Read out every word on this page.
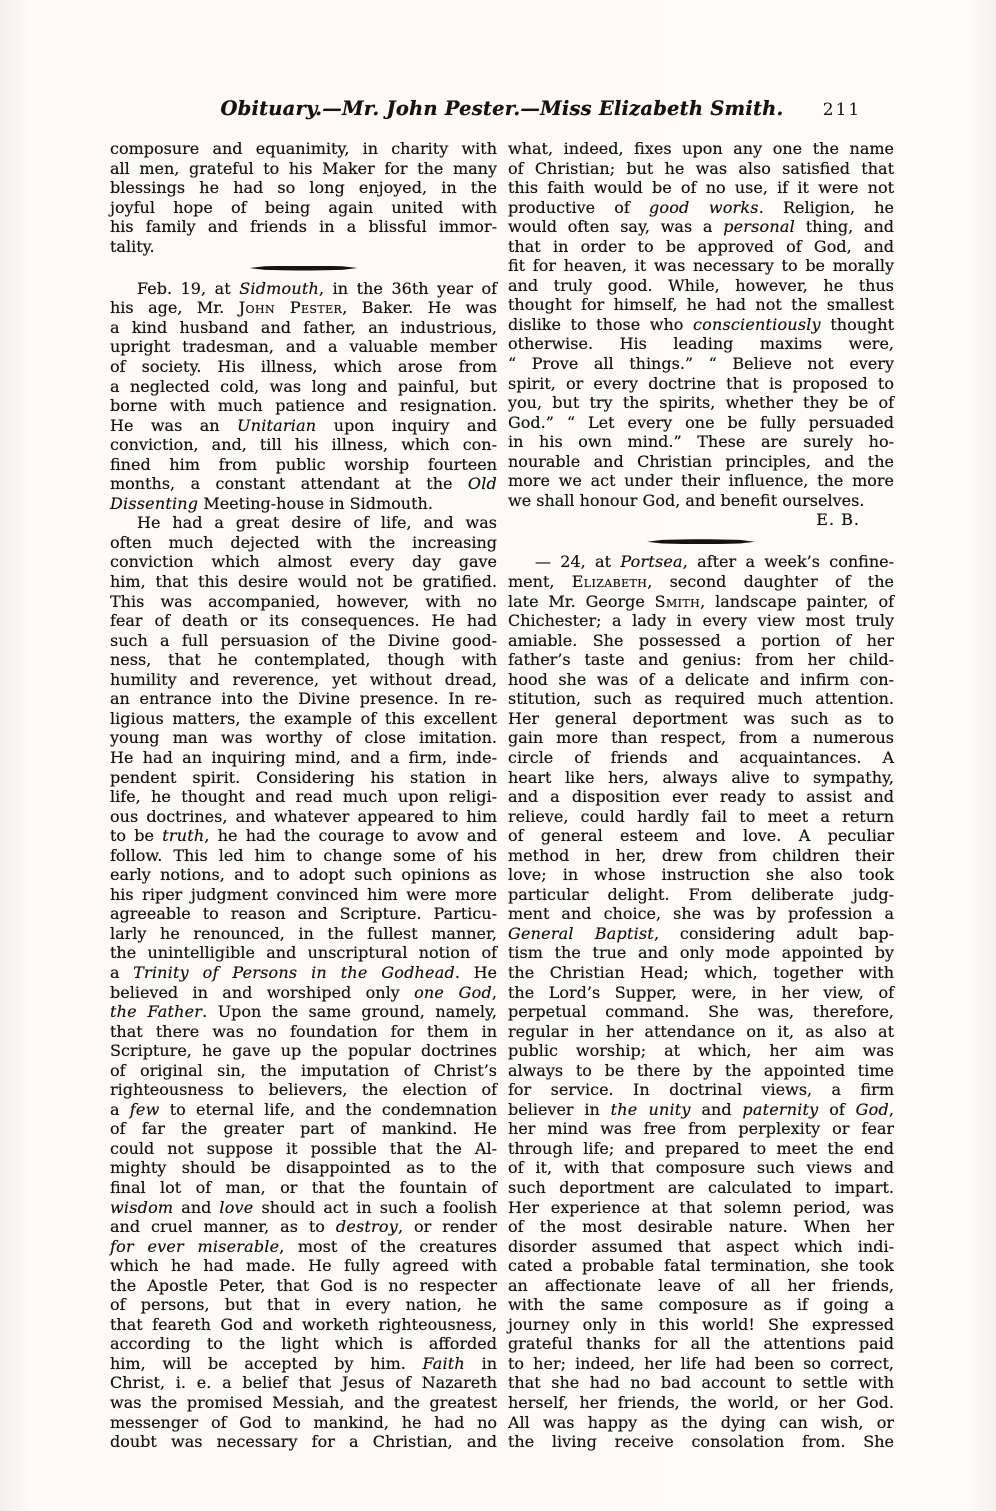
Obituary.—Mr. John Pester.—Miss Elizabeth Smith.	211
composure and equanimity, in charity with
all men, grateful to his Maker for the many
blessings he had so long enjoyed, in the
joyful hope of being again united with
his family and friends in a blissful immor-
tality.
Feb. 19, at Sidmouth, in the 36th year of
his age, Mr. John Pester, Baker. He was
a kind husband and father, an industrious,
upright tradesman, and a valuable member
of society. His illness, which arose from
a neglected cold, was long and painful, but
borne with much patience and resignation.
He was an Unitarian upon inquiry and
conviction, and, till his illness, which con-
fined him from public worship fourteen
months, a constant attendant at the Old
Dissenting Meeting-house in Sidmouth.
He had a great desire of life, and was
often much dejected with the increasing
conviction which almost every day gave
him, that this desire would not be gratified.
This was accompanied, however, with no
fear of death or its consequences. He had
such a full persuasion of the Divine good-
ness, that he contemplated, though with
humility and reverence, yet without dread,
an entrance into the Divine presence. In re-
ligious matters, the example of this excellent
young man was worthy of close imitation.
He had an inquiring mind, and a firm, inde-
pendent spirit. Considering his station in
life, he thought and read much upon religi-
ous doctrines, and whatever appeared to him
to be truth, he had the courage to avow and
follow. This led him to change some of his
early notions, and to adopt such opinions as
his riper judgment convinced him were more
agreeable to reason and Scripture. Particu-
larly he renounced, in the fullest manner,
the unintelligible and unscriptural notion of
a Trinity of Persons in the Godhead. He
believed in and worshiped only one God,
the Father. Upon the same ground, namely,
that there was no foundation for them in
Scripture, he gave up the popular doctrines
of original sin, the imputation of Christ’s
righteousness to believers, the election of
a few to eternal life, and the condemnation
of far the greater part of mankind. He
could not suppose it possible that the Al-
mighty should be disappointed as to the
final lot of man, or that the fountain of
wisdom and love should act in such a foolish
and cruel manner, as to destroy, or render
for ever miserable, most of the creatures
which he had made. He fully agreed with
the Apostle Peter, that God is no respecter
of persons, but that in every nation, he
that feareth God and worketh righteousness,
according to the light which is afforded
him, will be accepted by him. Faith in
Christ, i. e. a belief that Jesus of Nazareth
was the promised Messiah, and the greatest
messenger of God to mankind, he had no
doubt was necessary for a Christian, and
what, indeed, fixes upon any one the name
of Christian; but he was also satisfied that
this faith would be of no use, if it were not
productive of good works. Religion, he
would often say, was a personal thing, and
that in order to be approved of God, and
fit for heaven, it was necessary to be morally
and truly good. While, however, he thus
thought for himself, he had not the smallest
dislike to those who conscientiously thought
otherwise. His leading maxims were,
“ Prove all things.” “ Believe not every
spirit, or every doctrine that is proposed to
you, but try the spirits, whether they be of
God.” “ Let every one be fully persuaded
in his own mind.” These are surely ho-
nourable and Christian principles, and the
more we act under their influence, the more
we shall honour God, and benefit ourselves.
E. B.
— 24, at Portsea, after a week’s confine-
ment, Elizabeth, second daughter of the
late Mr. George Smith, landscape painter, of
Chichester; a lady in every view most truly
amiable. She possessed a portion of her
father’s taste and genius: from her child-
hood she was of a delicate and infirm con-
stitution, such as required much attention.
Her general deportment was such as to
gain more than respect, from a numerous
circle of friends and acquaintances. A
heart like hers, always alive to sympathy,
and a disposition ever ready to assist and
relieve, could hardly fail to meet a return
of general esteem and love. A peculiar
method in her, drew from children their
love; in whose instruction she also took
particular delight. From deliberate judg-
ment and choice, she was by profession a
General Baptist, considering adult bap-
tism the true and only mode appointed by
the Christian Head; which, together with
the Lord’s Supper, were, in her view, of
perpetual command. She was, therefore,
regular in her attendance on it, as also at
public worship; at which, her aim was
always to be there by the appointed time
for service. In doctrinal views, a firm
believer in the unity and paternity of God,
her mind was free from perplexity or fear
through life; and prepared to meet the end
of it, with that composure such views and
such deportment are calculated to impart.
Her experience at that solemn period, was
of the most desirable nature. When her
disorder assumed that aspect which indi-
cated a probable fatal termination, she took
an affectionate leave of all her friends,
with the same composure as if going a
journey only in this world! She expressed
grateful thanks for all the attentions paid
to her; indeed, her life had been so correct,
that she had no bad account to settle with
herself, her friends, the world, or her God.
All was happy as the dying can wish, or
the living receive consolation from. She
